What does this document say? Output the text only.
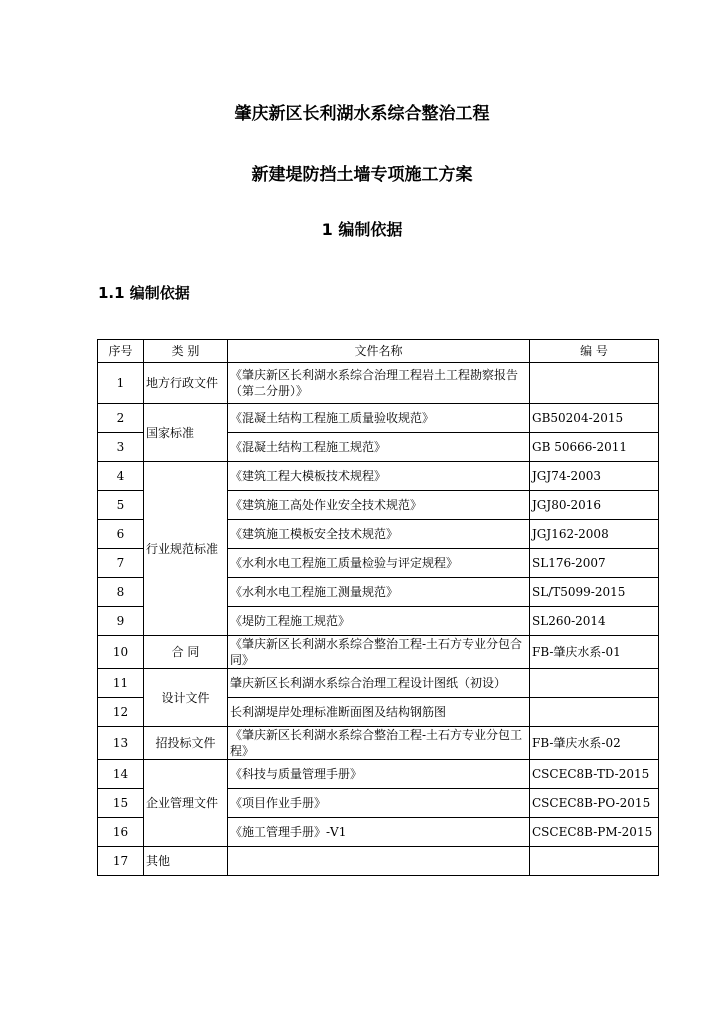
肇庆新区长利湖水系综合整治工程
新建堤防挡土墙专项施工方案
1 编制依据
1.1 编制依据
序号	类 别	文件名称	编 号
1	地方行政文件	《肇庆新区长利湖水系综合治理工程岩土工程勘察报告（第二分册）》	
2	国家标准	《混凝土结构工程施工质量验收规范》	GB50204-2015
3		《混凝土结构工程施工规范》	GB 50666-2011
4	行业规范标准	《建筑工程大模板技术规程》	JGJ74-2003
5		《建筑施工高处作业安全技术规范》	JGJ80-2016
6		《建筑施工模板安全技术规范》	JGJ162-2008
7		《水利水电工程施工质量检验与评定规程》	SL176-2007
8		《水利水电工程施工测量规范》	SL/T5099-2015
9		《堤防工程施工规范》	SL260-2014
10	合 同	《肇庆新区长利湖水系综合整治工程-土石方专业分包合同》	FB-肇庆水系-01
11	设计文件	肇庆新区长利湖水系综合治理工程设计图纸（初设）	
12		长利湖堤岸处理标准断面图及结构钢筋图	
13	招投标文件	《肇庆新区长利湖水系综合整治工程-土石方专业分包工程》	FB-肇庆水系-02
14	企业管理文件	《科技与质量管理手册》	CSCEC8B-TD-2015
15		《项目作业手册》	CSCEC8B-PO-2015
16		《施工管理手册》-V1	CSCEC8B-PM-2015
17	其他		
